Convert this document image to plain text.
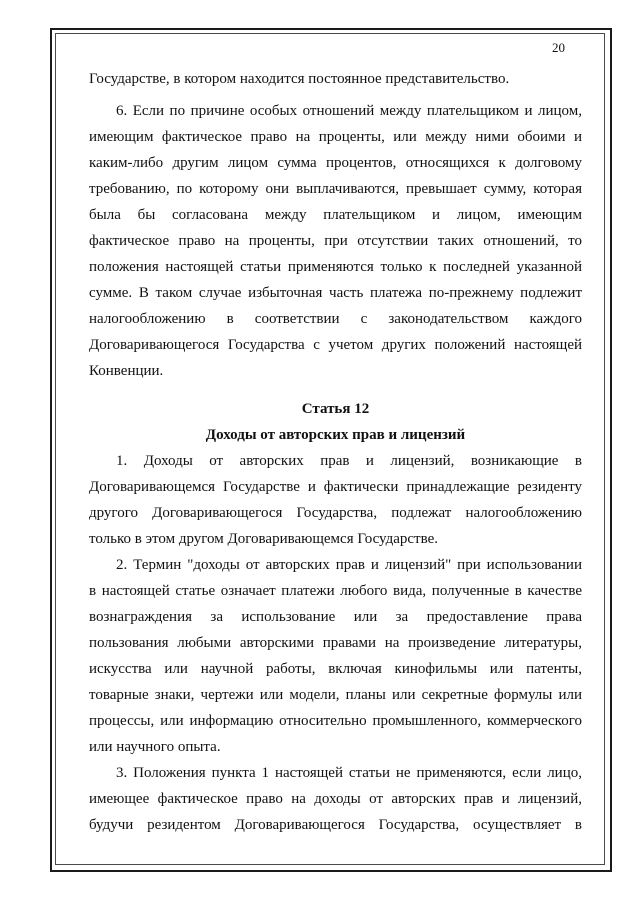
20
Государстве, в котором находится постоянное представительство.
6. Если по причине особых отношений между плательщиком и лицом,
имеющим фактическое право на проценты, или между ними обоими и
каким-либо другим лицом сумма процентов, относящихся к долговому
требованию, по которому они выплачиваются, превышает сумму, которая
была бы согласована между плательщиком и лицом, имеющим
фактическое право на проценты, при отсутствии таких отношений, то
положения настоящей статьи применяются только к последней указанной
сумме. В таком случае избыточная часть платежа по-прежнему подлежит
налогообложению в соответствии с законодательством каждого
Договаривающегося Государства с учетом других положений настоящей
Конвенции.
Статья 12
Доходы от авторских прав и лицензий
1. Доходы от авторских прав и лицензий, возникающие в
Договаривающемся Государстве и фактически принадлежащие резиденту
другого Договаривающегося Государства, подлежат налогообложению
только в этом другом Договаривающемся Государстве.
2. Термин "доходы от авторских прав и лицензий" при использовании
в настоящей статье означает платежи любого вида, полученные в качестве
вознаграждения за использование или за предоставление права
пользования любыми авторскими правами на произведение литературы,
искусства или научной работы, включая кинофильмы или патенты,
товарные знаки, чертежи или модели, планы или секретные формулы или
процессы, или информацию относительно промышленного, коммерческого
или научного опыта.
3. Положения пункта 1 настоящей статьи не применяются, если лицо,
имеющее фактическое право на доходы от авторских прав и лицензий,
будучи резидентом Договаривающегося Государства, осуществляет в
